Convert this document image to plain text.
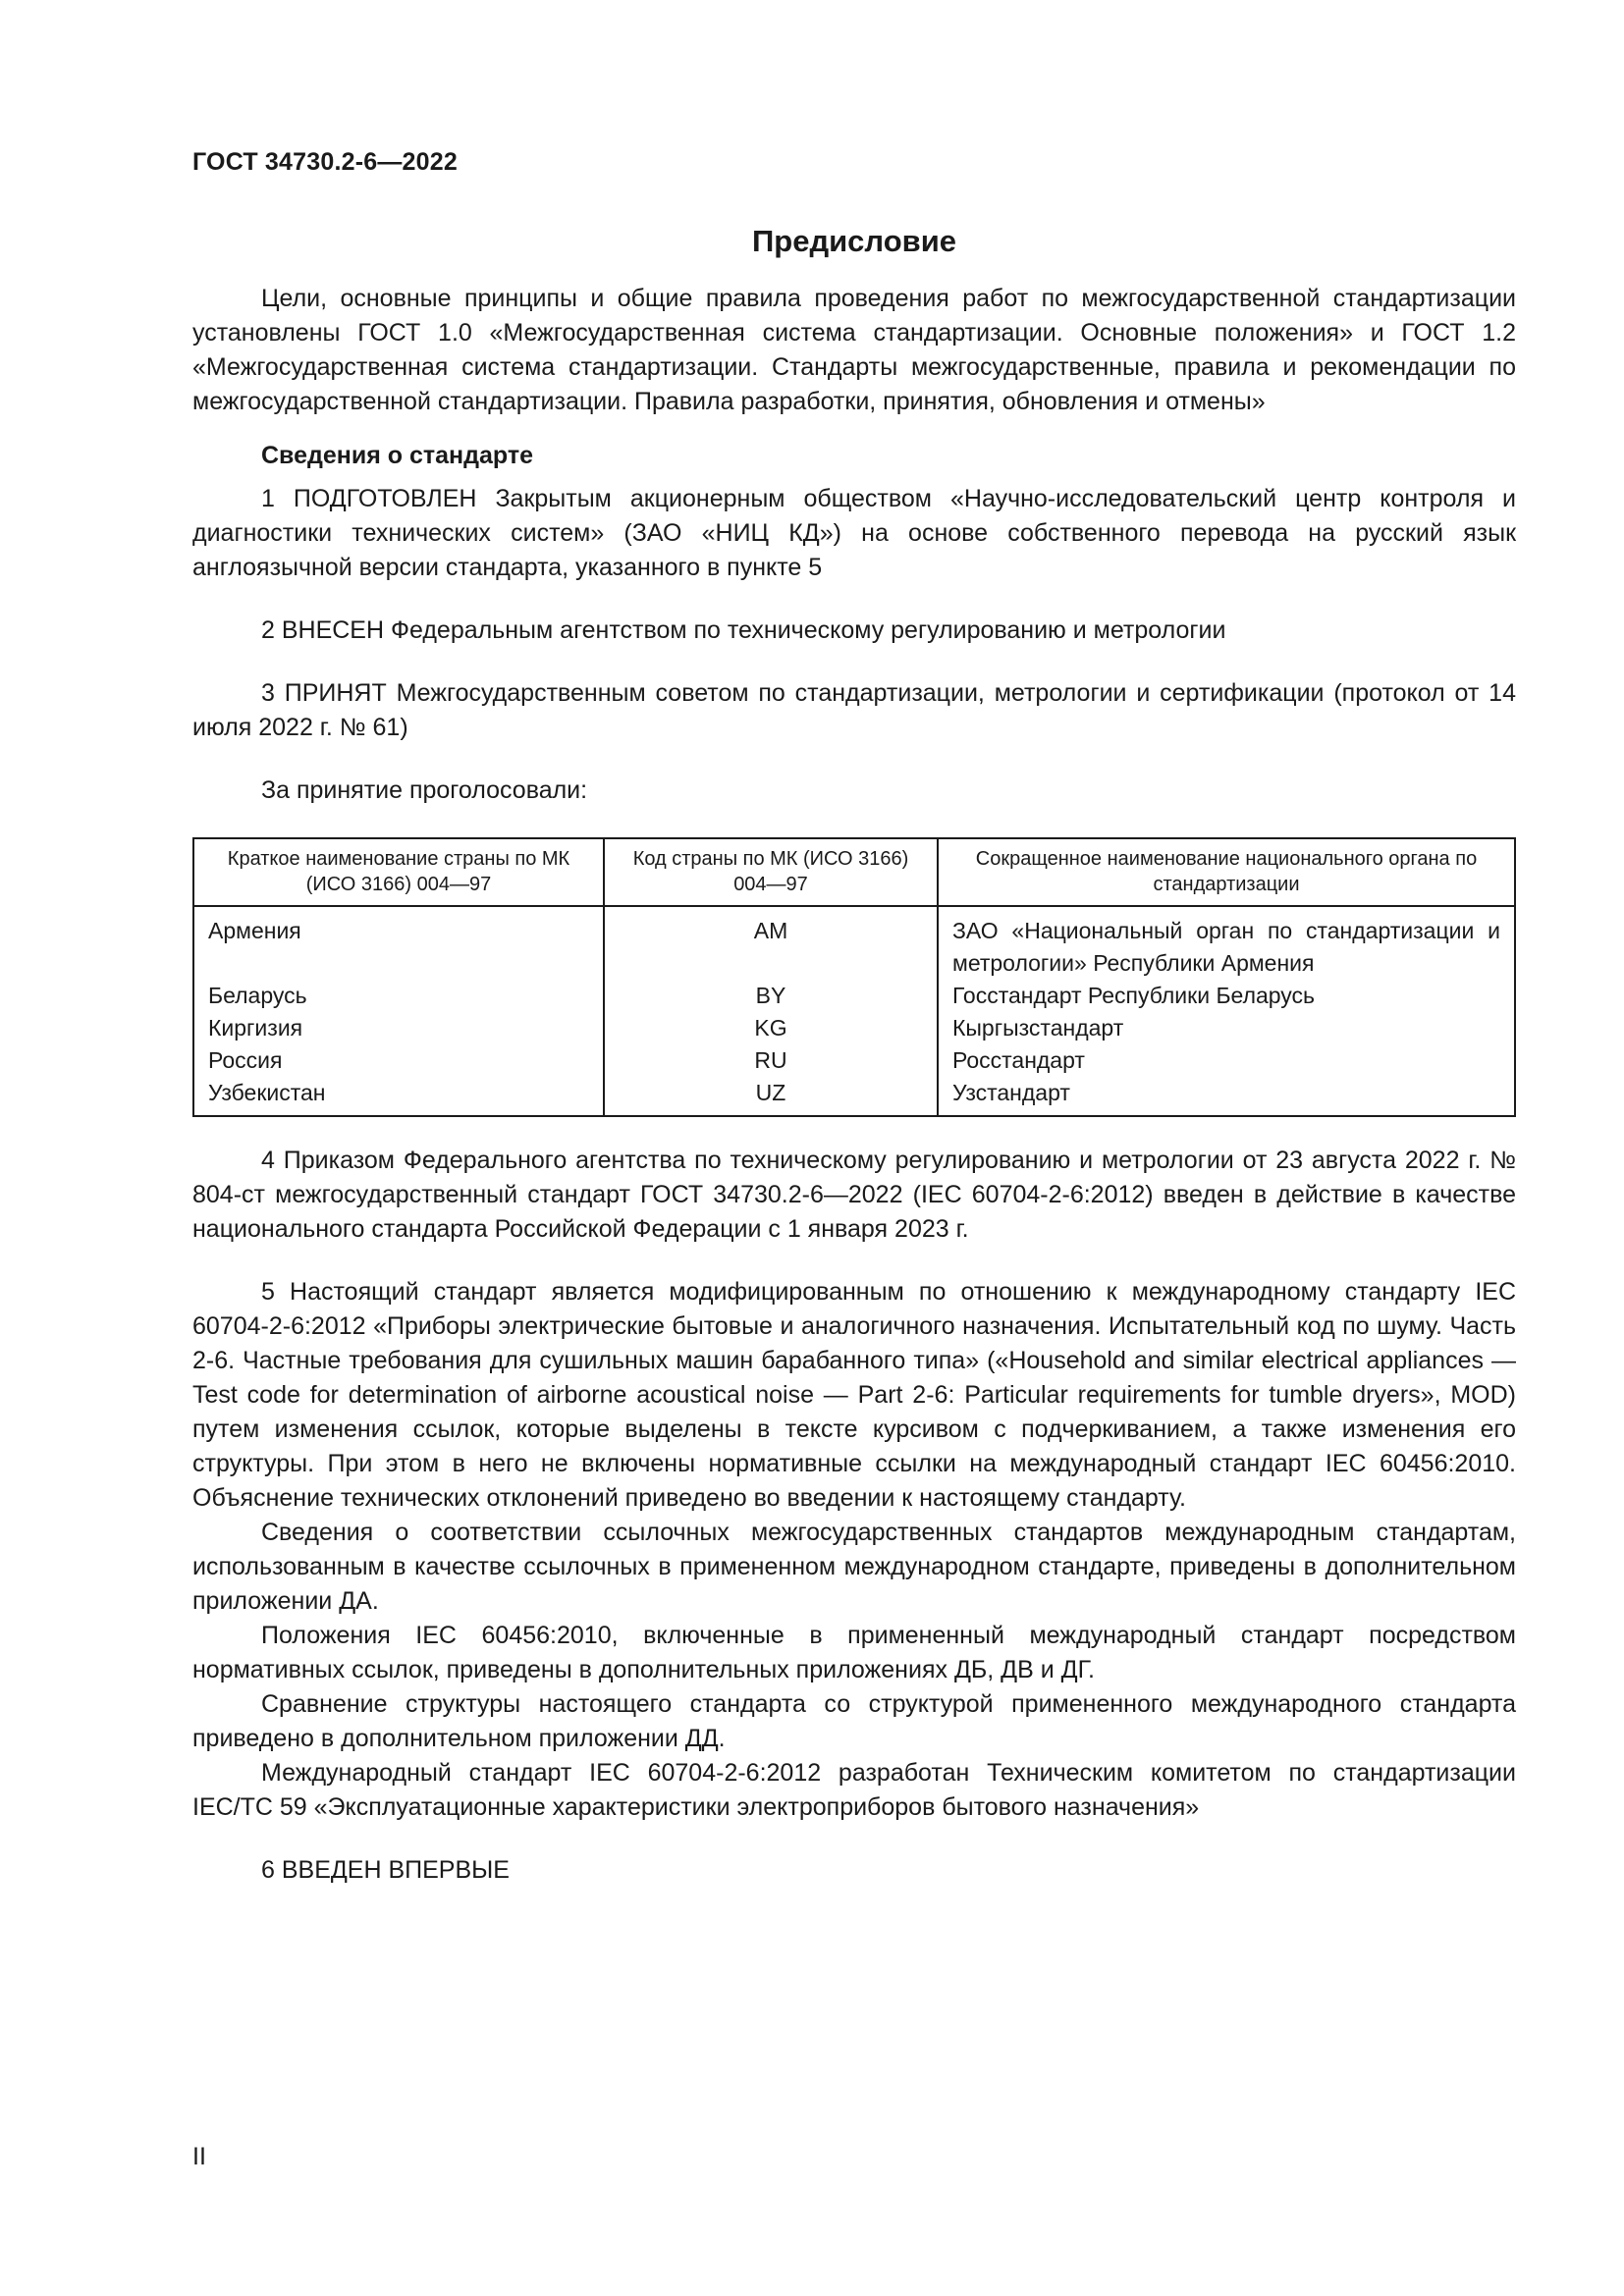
ГОСТ 34730.2-6—2022
Предисловие

Цели, основные принципы и общие правила проведения работ по межгосударственной стандартизации установлены ГОСТ 1.0 «Межгосударственная система стандартизации. Основные положения» и ГОСТ 1.2 «Межгосударственная система стандартизации. Стандарты межгосударственные, правила и рекомендации по межгосударственной стандартизации. Правила разработки, принятия, обновления и отмены»

Сведения о стандарте

1 ПОДГОТОВЛЕН Закрытым акционерным обществом «Научно-исследовательский центр контроля и диагностики технических систем» (ЗАО «НИЦ КД») на основе собственного перевода на русский язык англоязычной версии стандарта, указанного в пункте 5

2 ВНЕСЕН Федеральным агентством по техническому регулированию и метрологии

3 ПРИНЯТ Межгосударственным советом по стандартизации, метрологии и сертификации (протокол от 14 июля 2022 г. № 61)

За принятие проголосовали:

Краткое наименование страны по МК (ИСО 3166) 004—97	Код страны по МК (ИСО 3166) 004—97	Сокращенное наименование национального органа по стандартизации
Армения	AM	ЗАО «Национальный орган по стандартизации и метрологии» Республики Армения
Беларусь	BY	Госстандарт Республики Беларусь
Киргизия	KG	Кыргызстандарт
Россия	RU	Росстандарт
Узбекистан	UZ	Узстандарт

4 Приказом Федерального агентства по техническому регулированию и метрологии от 23 августа 2022 г. № 804-ст межгосударственный стандарт ГОСТ 34730.2-6—2022 (IEC 60704-2-6:2012) введен в действие в качестве национального стандарта Российской Федерации с 1 января 2023 г.

5 Настоящий стандарт является модифицированным по отношению к международному стандарту IEC 60704-2-6:2012 «Приборы электрические бытовые и аналогичного назначения. Испытательный код по шуму. Часть 2-6. Частные требования для сушильных машин барабанного типа» («Household and similar electrical appliances — Test code for determination of airborne acoustical noise — Part 2-6: Particular requirements for tumble dryers», MOD) путем изменения ссылок, которые выделены в тексте курсивом с подчеркиванием, а также изменения его структуры. При этом в него не включены нормативные ссылки на международный стандарт IEC 60456:2010. Объяснение технических отклонений приведено во введении к настоящему стандарту.

Сведения о соответствии ссылочных межгосударственных стандартов международным стандартам, использованным в качестве ссылочных в примененном международном стандарте, приведены в дополнительном приложении ДА.

Положения IEC 60456:2010, включенные в примененный международный стандарт посредством нормативных ссылок, приведены в дополнительных приложениях ДБ, ДВ и ДГ.

Сравнение структуры настоящего стандарта со структурой примененного международного стандарта приведено в дополнительном приложении ДД.

Международный стандарт IEC 60704-2-6:2012 разработан Техническим комитетом по стандартизации IEC/TC 59 «Эксплуатационные характеристики электроприборов бытового назначения»

6 ВВЕДЕН ВПЕРВЫЕ

II
